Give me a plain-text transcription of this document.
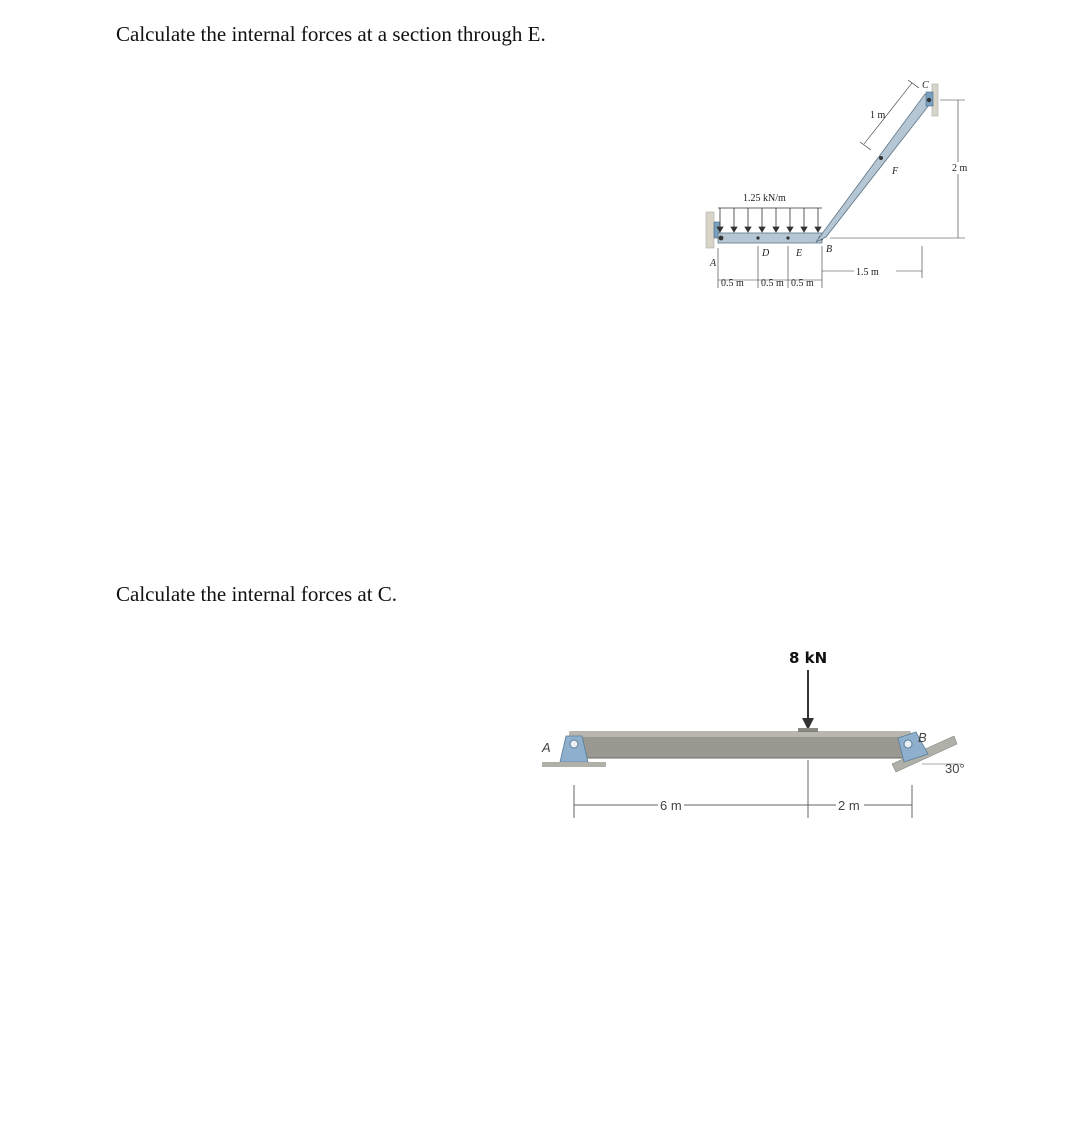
Calculate the internal forces at a section through E.

1.25 kN/m
A
D	E B
F
C
0.5 m 0.5 m 0.5 m
1.5 m
2 m
1 m

Calculate the internal forces at C.

8 kN
A
B
30°
6 m	2 m
